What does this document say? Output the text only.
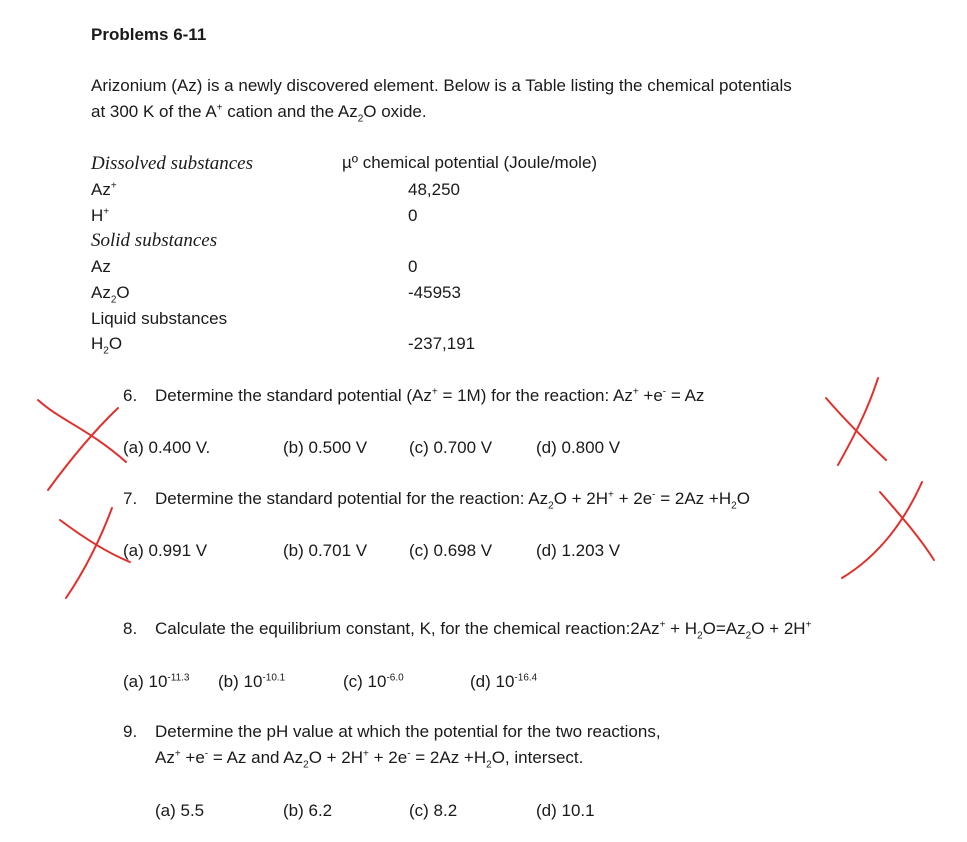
Problems 6-11
Arizonium (Az) is a newly discovered element. Below is a Table listing the chemical potentials
at 300 K of the A+ cation and the $Az_2O$ oxide.
Dissolved substances	µº chemical potential (Joule/mole)
Az+	48,250
H+	0
Solid substances
Az	0
$Az_2O$	-45953
Liquid substances
$H_2O$	-237,191
6. Determine the standard potential (Az+ = 1M) for the reaction: Az+ +e- = Az
(a) 0.400 V.	(b) 0.500 V (c) 0.700 V	(d) 0.800 V
7. Determine the standard potential for the reaction: $Az_2O + 2H^+ + 2e^- = 2Az +H_2O$
(a) 0.991 V	(b) 0.701 V (c) 0.698 V	(d) 1.203 V
8. Calculate the equilibrium constant, K, for the chemical reaction:2Az+ + $H_2O=Az_2O + 2H^+$
(a) $10^{-11.3}$ (b) $10^{-10.1}$	(c) $10^{-6.0}$	(d) $10^{-16.4}$
9. Determine the pH value at which the potential for the two reactions,
Az+ +e- = Az and $Az_2O + 2H^+ + 2e^- = 2Az +H_2O$, intersect.
(a) 5.5	(b) 6.2	(c) 8.2	(d) 10.1
